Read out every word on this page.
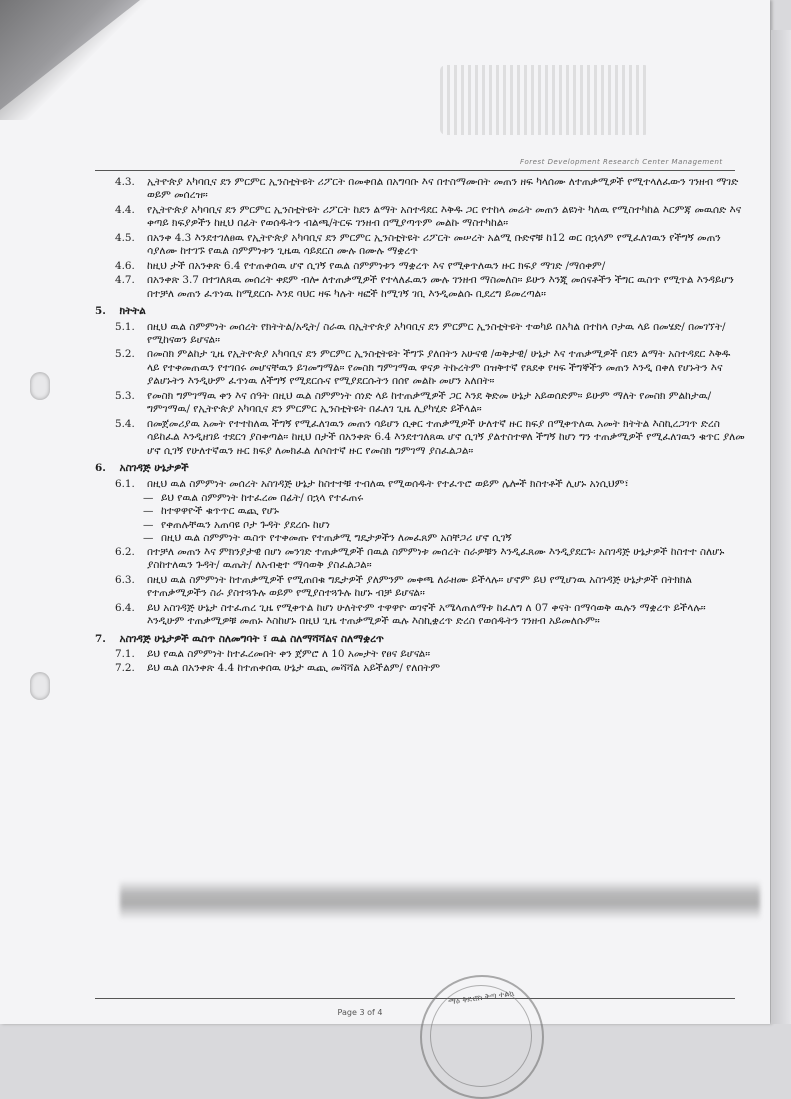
Forest Development Research Center Management
4.3. ኢትዮጵያ አካባቢና ደን ምርምር ኢንስቲትዩት ሪፖርት በመቀበል በአግባቡ እና በተስማሙበት መጠን ዘፍ ካላሰሙ ለተጠቃሚዎች የሚተላለፈውን ገንዘብ ማገድ ወይም መሰረዝ።
4.4. የኢትዮጵያ አካባቢና ደን ምርምር ኢንስቲትዩት ሪፖርት ከደን ልማት አስተዳደር እቅዱ ጋር የተከላ መሬት መጠን ልዩነት ካለዉ የሚስተካከል እርምጃ መዉሰድ እና ቀጣይ ክፍያዎችን ከዚህ በፊት የወሰዱትን ብልጫ/ትርፍ ገንዘብ በሚያጣጥም መልኩ ማስተካከል።
4.5. በአንቀ 4.3 እንደተገለፀዉ የኢትዮጵያ አካባቢና ደን ምርምር ኢንስቲትዩት ሪፖርት መሠረት አልሚ ቡድኖቹ ከ12 ወር በኋላም የሚፈለገዉን የችግኝ መጠን ሳያለሙ ከተገኙ የዉል ስምምነቱን ጊዜዉ ሳይደርስ ሙሉ በሙሉ ማቋረጥ
4.6. ከዚህ ታች በአንቀጽ 6.4 የተጠቀሰዉ ሆኖ ሲገኝ የዉል ስምምነቱን ማቋረጥ እና የሚቀጥለዉን ዙር ክፍያ ማገድ /ማሰቀም/
4.7. በአንቀጽ 3.7 በተገለጸዉ መሰረት ቀደም ብሎ ለተጠቃሚዎች የተላለፈዉን ሙሉ ገንዘብ ማስመለስ። ይሁን እንጂ መሰናቶችን ችግር ዉስጥ የሚጥል እንዳይሆን በተቻለ መጠን ፈጥነዉ ከሚደርሱ እንደ ባህር ዛፍ ካሉት ዛፎች ከሚገኝ ገቢ እንዲመልሱ ቢደረግ ይመረጣል።
5. ክትትል
5.1. በዚህ ዉል ስምምነት መሰረት የክትትል/አዲት/ ስራዉ በኢትዮጵያ አካባቢና ደን ምርምር ኢንስቲትዩት ተወካይ በአካል በተከላ ቦታዉ ላይ በመሄድ/ በመገኘት/ የሚከናወን ይሆናል።
5.2. በመስክ ምልከታ ጊዜ የኢትዮጵያ አካባቢና ደን ምርምር ኢንስቲትዩት ችግኙ ያለበትን አሁናዊ /ወቅታዊ/ ሁኔታ እና ተጠቃሚዎች በደን ልማት አስተዳደር እቅዱ ላይ የተቀመጠዉን የተገበሩ መሆናቸዉን ይገመግማል። የመስክ ግምገማዉ ዋናዎ ትኩረትም በዝቅተኛ የጸደቀ የዛፍ ችግኞችን መጠን እንዲ በቀለ የሆኑትን እና ያልሆኑትን እንዲሁም ፈጥነዉ ለችግኝ የሚደርሱና የሚያደርሱትን በሰየ መልኩ መሆን አለበት።
5.3. የመስክ ግምገማዉ ቀን እና ሰዓት በዚህ ዉል ስምምነት ሰነድ ላይ ከተጠቃሚዎች ጋር እንደ ቅድመ ሁኔታ አይወሰድም። ይሁም ማለት የመስክ ምልከታዉ/ ግምገማዉ/ የኢትዮጵያ አካባቢና ደን ምርምር ኢንስቲትዩት በፈለገ ጊዜ ሊያካሂድ ይችላል።
5.4. በመጀመሪያዉ አመት የተተከለዉ ችግኝ የሚፈለገዉን መጠን ሳይሆን ሲቀር ተጠቃሚዎች ሁለተኛ ዙር ክፍያ በሚቀጥለዉ አመት ክትትል እስኪረጋገጥ ድረስ ሳይከፈል እንዲዘገይ ተደርጎ ያስቀጣል። ከዚህ በታች በአንቀጽ 6.4 እንደተገለጸዉ ሆኖ ሲገኝ ያልተስተዋለ ችግኝ ከሆነ ግን ተጠቃሚዎች የሚፈለገዉን ቁጥር ያለመ ሆኖ ሲገኝ የሁለተኛዉን ዙር ክፍያ ለመክፈል ለሶስተኛ ዙር የመስክ ግምገማ ያስፈልጋል።
6. አስገዳጅ ሁኔታዎች
6.1. በዚህ ዉል ስምምነት መሰረት አስገዳጅ ሁኔታ ከስተተቹ ተብለዉ የሚወሰዱት የተፈጥሮ ወይም ሌሎች ክስተቶች ሊሆኑ አነሲህም፣
— ይህ የዉል ስምምነት ከተፈረመ በፊት/ በኋላ የተፈጠሩ
— ከተዋዋዮች ቁጥጥር ዉጪ የሆኑ
— የቀጠሉቸዉን አጠባዩ ቦታ ጉዳት ያደረሱ ከሆነ
— በዚህ ዉል ስምምነት ዉስጥ የተቀመጡ የተጠቃሚ ግዴታዎችን ለመፈጸም አስቸጋሪ ሆኖ ሲገኝ
6.2. በተቻለ መጠን እና ምክንያታዊ በሆነ መንገድ ተጠቃሚዎች በዉል ስምምነቱ መሰረት ስራዎቹን እንዲፈጸሙ እንዲያደርጉ፡ አስገዳጅ ሁኔታዎች ከስተተ ስለሆኑ ያስከተለዉን ጉዳት/ ዉጤት/ ለአብቂተ ማሳወቅ ያስፈልጋል።
6.3. በዚህ ዉል ስምምነት ከተጠቃሚዎች የሚጠበቁ ግዴታዎች ያለምንም መቀጫ ለራዘሙ ይችላሉ። ሆኖም ይህ የሚሆነዉ አስገዳጅ ሁኔታዎች በትክክል የተጠቃሚዎችን ስራ ያስተጓጉሉ ወይም የሚያስተጓጉሉ ከሆኑ ብቻ ይሆናል።
6.4. ይህ አስገዳጅ ሁኔታ ስተፈጠረ ጊዜ የሚቀጥል ከሆነ ሁለትዮም ተዋዋዮ ወገኖች አሜላጠለማቱ ከፈለግ ለ 07 ቀናት በማሳወቅ ዉሉን ማቋረጥ ይችላሉ። እንዲሁም ተጠቃሚዎቹ መጠኑ እስከሆኑ በዚህ ጊዜ ተጠቃሚዎች ዉሉ እስኪቋረጥ ድረስ የወሰዱትን ገንዘብ አይመለሱም።
7. አስገዳጅ ሁኔታዎች ዉስጥ ስለመግባት ፣ ዉል ስለማሻሻልና ስለማቋረጥ
7.1. ይህ የዉል ስምምነት ከተፈረመበት ቀን ጀምሮ ለ 10 አመታት የፀና ይሆናል።
7.2. ይህ ዉል በአንቀጽ 4.4 ከተጠቀሰዉ ሁኔታ ዉጪ መሻሻል አይችልም/ የለበትም
Page 3 of 4
ማዕ ቅድሮስ ቅጣ ተልኳ
